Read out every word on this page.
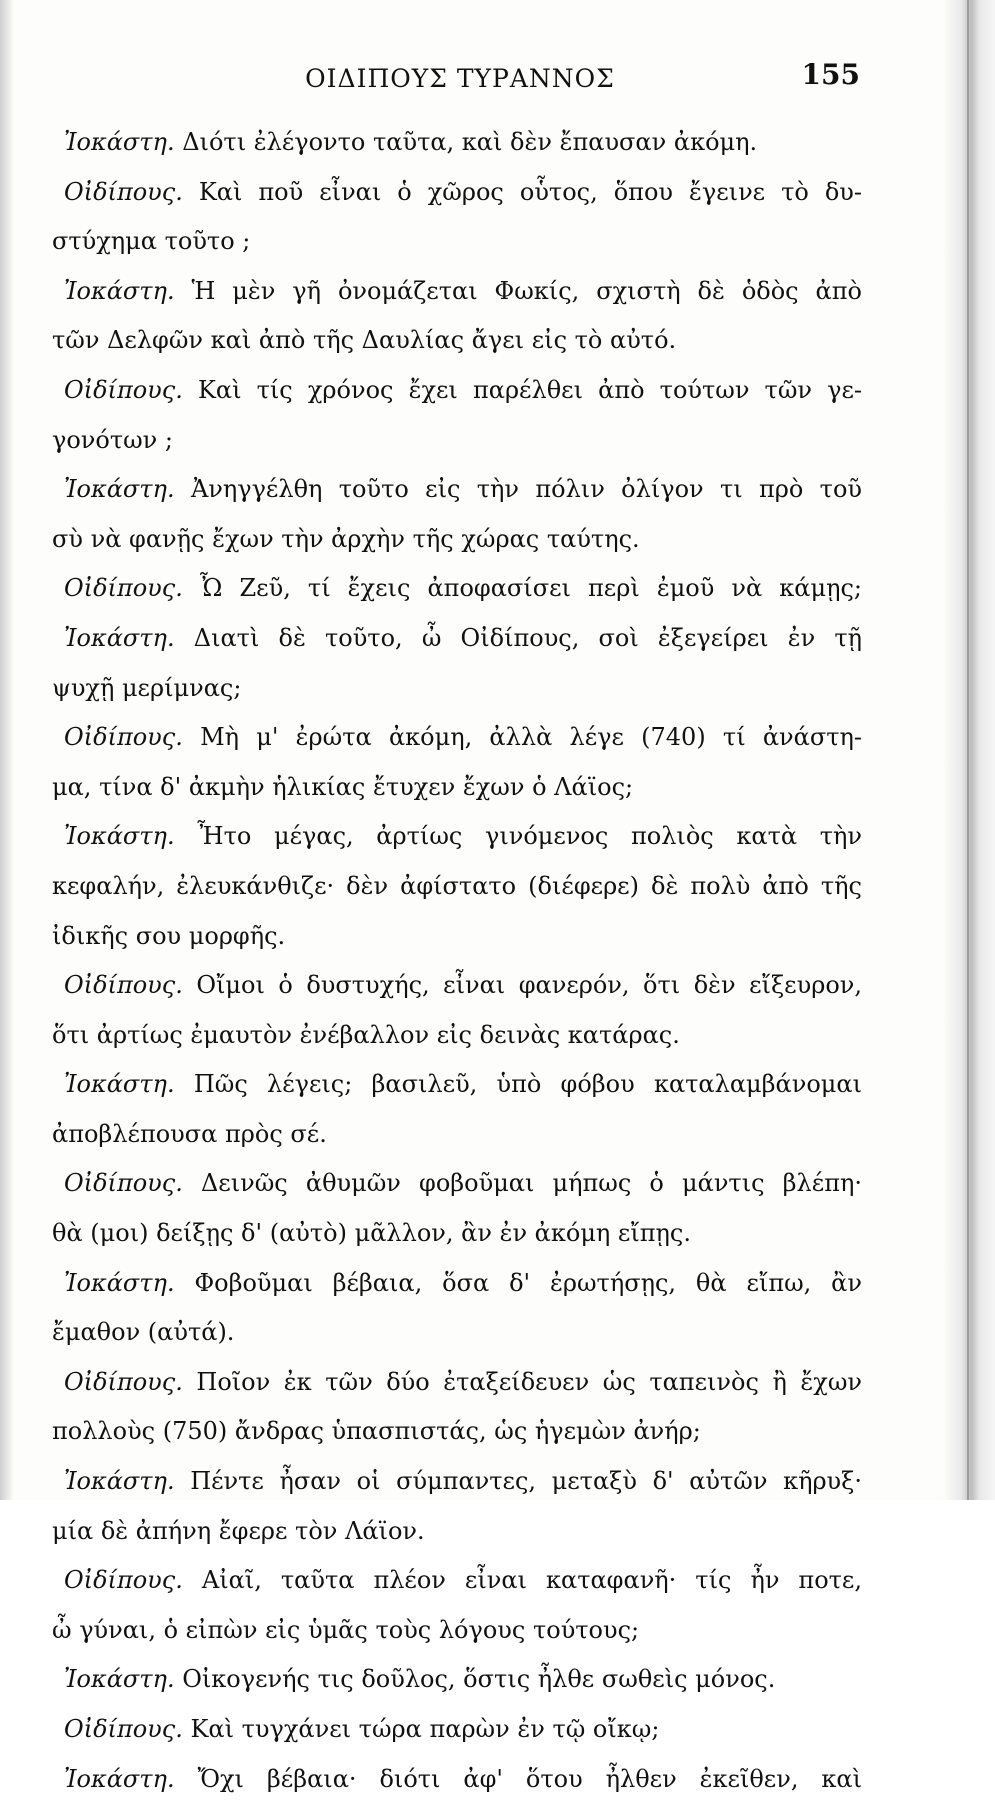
ΟΙΔΙΠΟΥΣ ΤΥΡΑΝΝΟΣ	155
Ἰοκάστη. Διότι ἐλέγοντο ταῦτα, καὶ δὲν ἔπαυσαν ἀκόμη.
Οἰδίπους. Καὶ ποῦ εἶναι ὁ χῶρος οὗτος, ὅπου ἔγεινε τὸ δυ-
στύχημα τοῦτο ;
Ἰοκάστη. Ἡ μὲν γῆ ὀνομάζεται Φωκίς, σχιστὴ δὲ ὁδὸς ἀπὸ
τῶν Δελφῶν καὶ ἀπὸ τῆς Δαυλίας ἄγει εἰς τὸ αὐτό.
Οἰδίπους. Καὶ τίς χρόνος ἔχει παρέλθει ἀπὸ τούτων τῶν γε-
γονότων ;
Ἰοκάστη. Ἀνηγγέλθη τοῦτο εἰς τὴν πόλιν ὀλίγον τι πρὸ τοῦ
σὺ νὰ φανῇς ἔχων τὴν ἀρχὴν τῆς χώρας ταύτης.
Οἰδίπους. Ὦ Ζεῦ, τί ἔχεις ἀποφασίσει περὶ ἐμοῦ νὰ κάμῃς;
Ἰοκάστη. Διατὶ δὲ τοῦτο, ὦ Οἰδίπους, σοὶ ἐξεγείρει ἐν τῇ
ψυχῇ μερίμνας;
Οἰδίπους. Μὴ μ' ἐρώτα ἀκόμη, ἀλλὰ λέγε (740) τί ἀνάστη-
μα, τίνα δ' ἀκμὴν ἡλικίας ἔτυχεν ἔχων ὁ Λάϊος;
Ἰοκάστη. Ἦτο μέγας, ἀρτίως γινόμενος πολιὸς κατὰ τὴν
κεφαλήν, ἐλευκάνθιζε· δὲν ἀφίστατο (διέφερε) δὲ πολὺ ἀπὸ τῆς
ἰδικῆς σου μορφῆς.
Οἰδίπους. Οἴμοι ὁ δυστυχής, εἶναι φανερόν, ὅτι δὲν εἴξευρον,
ὅτι ἀρτίως ἐμαυτὸν ἐνέβαλλον εἰς δεινὰς κατάρας.
Ἰοκάστη. Πῶς λέγεις; βασιλεῦ, ὑπὸ φόβου καταλαμβάνομαι
ἀποβλέπουσα πρὸς σέ.
Οἰδίπους. Δεινῶς ἀθυμῶν φοβοῦμαι μήπως ὁ μάντις βλέπη·
θὰ (μοι) δείξῃς δ' (αὐτὸ) μᾶλλον, ἂν ἐν ἀκόμη εἴπῃς.
Ἰοκάστη. Φοβοῦμαι βέβαια, ὅσα δ' ἐρωτήσῃς, θὰ εἴπω, ἂν
ἔμαθον (αὐτά).
Οἰδίπους. Ποῖον ἐκ τῶν δύο ἐταξείδευεν ὡς ταπεινὸς ἢ ἔχων
πολλοὺς (750) ἄνδρας ὑπασπιστάς, ὡς ἡγεμὼν ἀνήρ;
Ἰοκάστη. Πέντε ἦσαν οἱ σύμπαντες, μεταξὺ δ' αὐτῶν κῆρυξ·
μία δὲ ἀπήνη ἔφερε τὸν Λάϊον.
Οἰδίπους. Αἰαῖ, ταῦτα πλέον εἶναι καταφανῆ· τίς ἦν ποτε,
ὦ γύναι, ὁ εἰπὼν εἰς ὑμᾶς τοὺς λόγους τούτους;
Ἰοκάστη. Οἰκογενής τις δοῦλος, ὅστις ἦλθε σωθεὶς μόνος.
Οἰδίπους. Καὶ τυγχάνει τώρα παρὼν ἐν τῷ οἴκῳ;
Ἰοκάστη. Ὄχι βέβαια· διότι ἀφ' ὅτου ἦλθεν ἐκεῖθεν, καὶ
